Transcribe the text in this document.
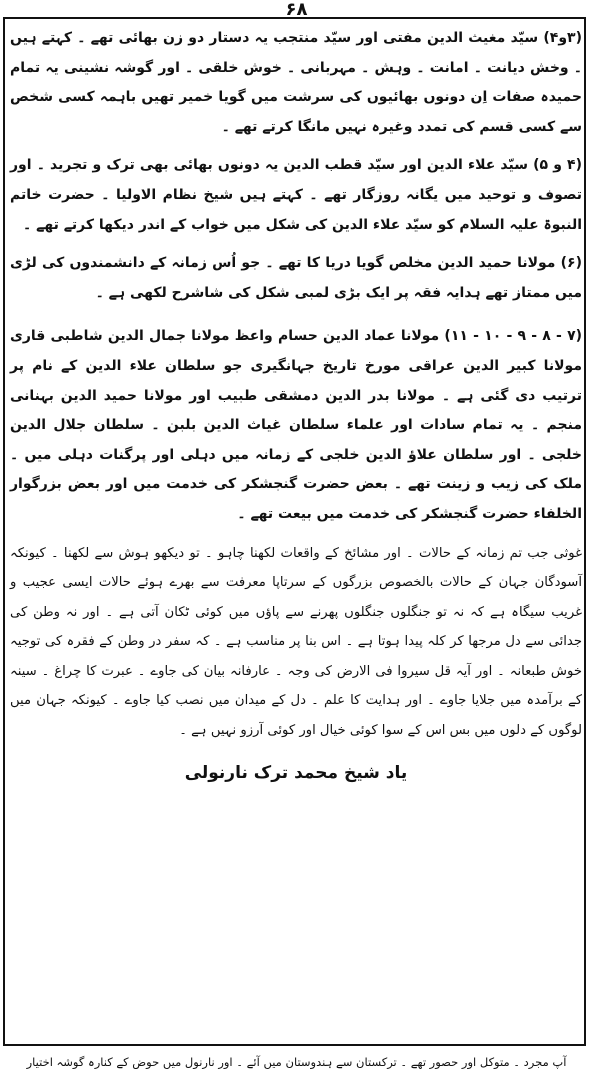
۶۸

(۳و۴) سیّد مغیث الدین مفتی اور سیّد منتجب یہ دستار دو زن بھائی تھے ۔ کہتے ہیں ۔ وخش دیانت ۔ امانت ۔ وہش ۔ مہربانی ۔ خوش خلقی ۔ اور گوشہ نشینی یہ تمام حمیدہ صفات اِن دونوں بھائیوں کی سرشت میں گویا خمیر تھیں باہمہ کسی شخص سے کسی قسم کی تمدد وغیرہ نہیں مانگا کرتے تھے ۔

(۴ و ۵) سیّد علاء الدین اور سیّد قطب الدین یہ دونوں بھائی بھی ترک و تجرید ۔ اور تصوف و توحید میں یگانہ روزگار تھے ۔ کہتے ہیں شیخ نظام الاولیا ۔ حضرت خاتم النبوۃ علیہ السلام کو سیّد علاء الدین کی شکل میں خواب کے اندر دیکھا کرتے تھے ۔

(۶) مولانا حمید الدین مخلص گویا دریا کا تھے ۔ جو اُس زمانہ کے دانشمندوں کی لڑی میں ممتاز تھے ہدایہ فقہ پر ایک بڑی لمبی شکل کی شاشرح لکھی ہے ۔

(۷ - ۸ - ۹ - ۱۰ - ۱۱) مولانا عماد الدین حسام واعظ مولانا جمال الدین شاطبی قاری مولانا کبیر الدین عراقی مورخ تاریخ جہانگیری جو سلطان علاء الدین کے نام پر ترتیب دی گئی ہے ۔ مولانا بدر الدین دمشقی طبیب اور مولانا حمید الدین بہنانی منجم ۔ یہ تمام سادات اور علماء سلطان غیاث الدین بلبن ۔ سلطان جلال الدین خلجی ۔ اور سلطان علاؤ الدین خلجی کے زمانہ میں دہلی اور پرگنات دہلی میں ۔ ملک کی زیب و زینت تھے ۔ بعض حضرت گنجشکر کی خدمت میں اور بعض بزرگوار الخلفاء حضرت گنجشکر کی خدمت میں بیعت تھے ۔

غوثی جب تم زمانہ کے حالات ۔ اور مشائخ کے واقعات لکھنا چاہو ۔ تو دیکھو ہوش سے لکھنا ۔ کیونکہ آسودگان جہان کے حالات بالخصوص بزرگوں کے سرتاپا معرفت سے بھرے ہوئے حالات ایسی عجیب و غریب سیگاہ ہے کہ نہ تو جنگلوں جنگلوں پھرنے سے پاؤں میں کوئی ٹکان آتی ہے ۔ اور نہ وطن کی جدائی سے دل مرجھا کر کلہ پیدا ہوتا ہے ۔ اس بنا پر مناسب ہے ۔ کہ سفر در وطن کے فقرہ کی توجیہ خوش طبعانہ ۔ اور آیہ قل سیروا فی الارض کی وجہ ۔ عارفانہ بیان کی جاوے ۔ عبرت کا چراغ ۔ سینہ کے برآمدہ میں جلایا جاوے ۔ اور ہدایت کا علم ۔ دل کے میدان میں نصب کیا جاوے ۔ کیونکہ جہان میں لوگوں کے دلوں میں بس اس کے سوا کوئی خیال اور کوئی آرزو نہیں ہے ۔

یاد شیخ محمد ترک نارنولی
آپ مجرد ۔ متوکل اور حصور تھے ۔ ترکستان سے ہندوستان میں آئے ۔ اور نارنول میں حوض کے کنارہ گوشہ اختیار
